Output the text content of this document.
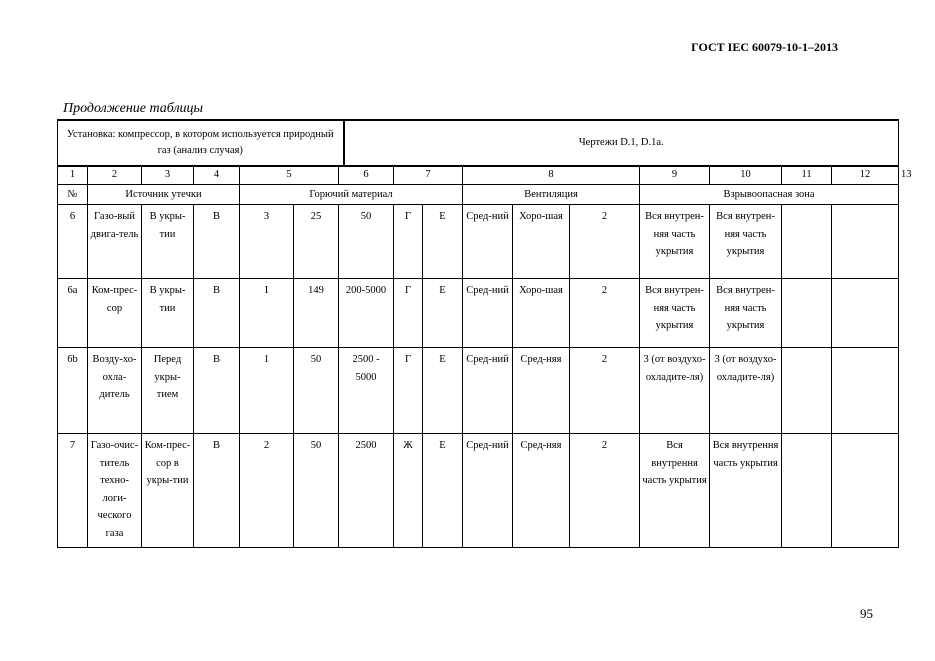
ГОСТ IEC 60079-10-1–2013
Продолжение таблицы
Установка: компрессор, в котором используется природный газ (анализ случая)	Чертежи D.1, D.1а.
1	2	3	4	5		6	7		8			9	10	11	12	13
№	Источник утечки			Горючий материал					Вентиляция			Взрывоопасная зона				
6	Газо-вый двига-тель	В укры-тии	В	3	25	50	Г	Е	Сред-ний	Хоро-шая	2	Вся внутрен-няя часть укрытия	Вся внутрен-няя часть укрытия			
6а	Ком-прес-сор	В укры-тии	В	I	149	200-5000	Г	Е	Сред-ний	Хоро-шая	2	Вся внутрен-няя часть укрытия	Вся внутрен-няя часть укрытия			
6b	Возду-хо-охла-дитель	Перед укры-тием	В	1	50	2500 - 5000	Г	Е	Сред-ний	Сред-няя	2	3 (от воздухо-охладите-ля)	3 (от воздухо-охладите-ля)			
7	Газо-очис-титель техно-логи-ческого газа	Ком-прес-сор в укры-тии	В	2	50	2500	Ж	Е	Сред-ний	Сред-няя	2	Вся внутрення часть укрытия	Вся внутрення часть укрытия			
95
